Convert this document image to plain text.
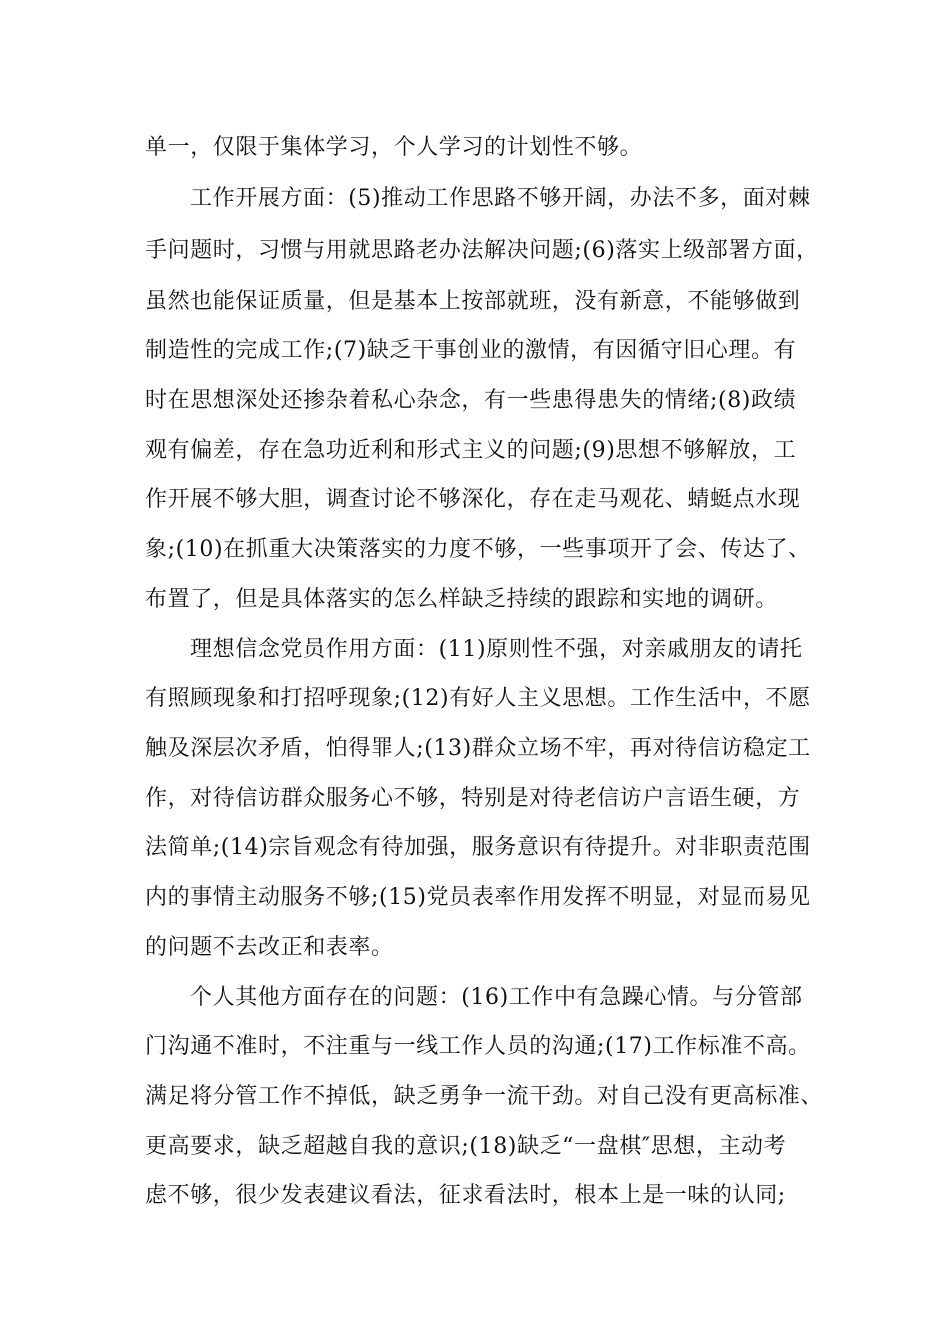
单一，仅限于集体学习，个人学习的计划性不够。
工作开展方面：(5)推动工作思路不够开阔，办法不多，面对棘
手问题时，习惯与用就思路老办法解决问题;(6)落实上级部署方面，
虽然也能保证质量，但是基本上按部就班，没有新意，不能够做到
制造性的完成工作;(7)缺乏干事创业的激情，有因循守旧心理。有
时在思想深处还掺杂着私心杂念，有一些患得患失的情绪;(8)政绩
观有偏差，存在急功近利和形式主义的问题;(9)思想不够解放，工
作开展不够大胆，调查讨论不够深化，存在走马观花、蜻蜓点水现
象;(10)在抓重大决策落实的力度不够，一些事项开了会、传达了、
布置了，但是具体落实的怎么样缺乏持续的跟踪和实地的调研。
理想信念党员作用方面：(11)原则性不强，对亲戚朋友的请托
有照顾现象和打招呼现象;(12)有好人主义思想。工作生活中，不愿
触及深层次矛盾，怕得罪人;(13)群众立场不牢，再对待信访稳定工
作，对待信访群众服务心不够，特别是对待老信访户言语生硬，方
法简单;(14)宗旨观念有待加强，服务意识有待提升。对非职责范围
内的事情主动服务不够;(15)党员表率作用发挥不明显，对显而易见
的问题不去改正和表率。
个人其他方面存在的问题：(16)工作中有急躁心情。与分管部
门沟通不准时，不注重与一线工作人员的沟通;(17)工作标准不高。
满足将分管工作不掉低，缺乏勇争一流干劲。对自己没有更高标准、
更高要求，缺乏超越自我的意识;(18)缺乏“一盘棋″思想，主动考
虑不够，很少发表建议看法，征求看法时，根本上是一味的认同;
